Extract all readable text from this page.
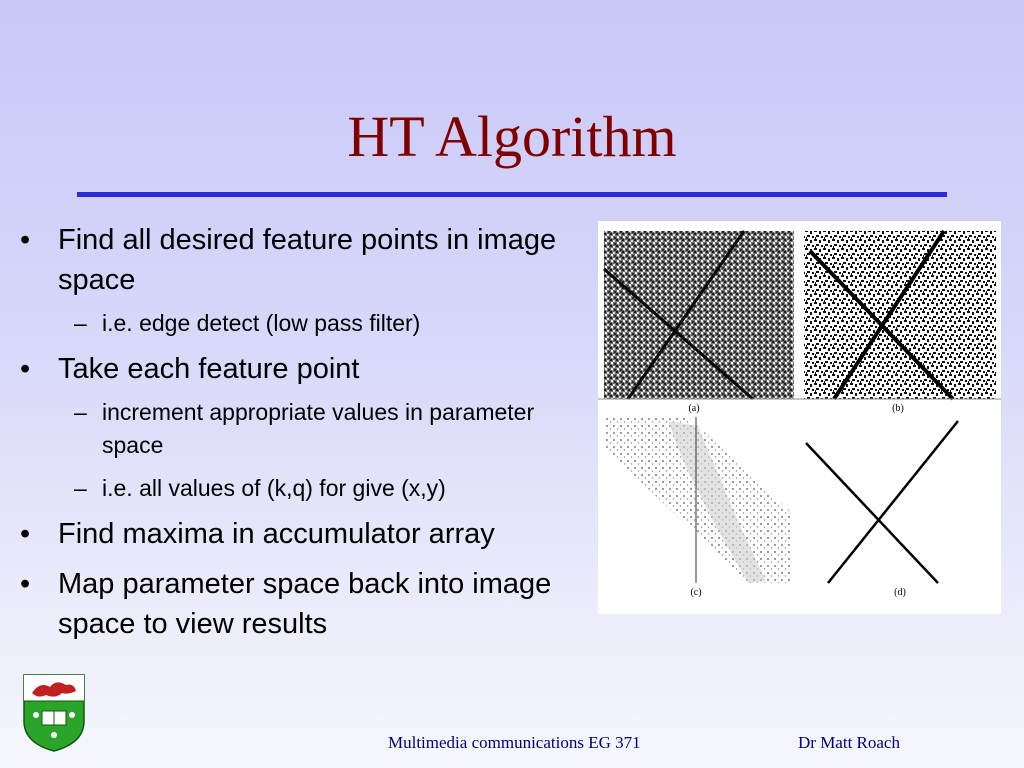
HT Algorithm
• Find all desired feature points in image space
– i.e. edge detect (low pass filter)
• Take each feature point
– increment appropriate values in parameter space
– i.e. all values of (k,q) for give (x,y)
• Find maxima in accumulator array
• Map parameter space back into image space to view results
(a)	(b)
(c)	(d)
Multimedia communications EG 371	Dr Matt Roach
